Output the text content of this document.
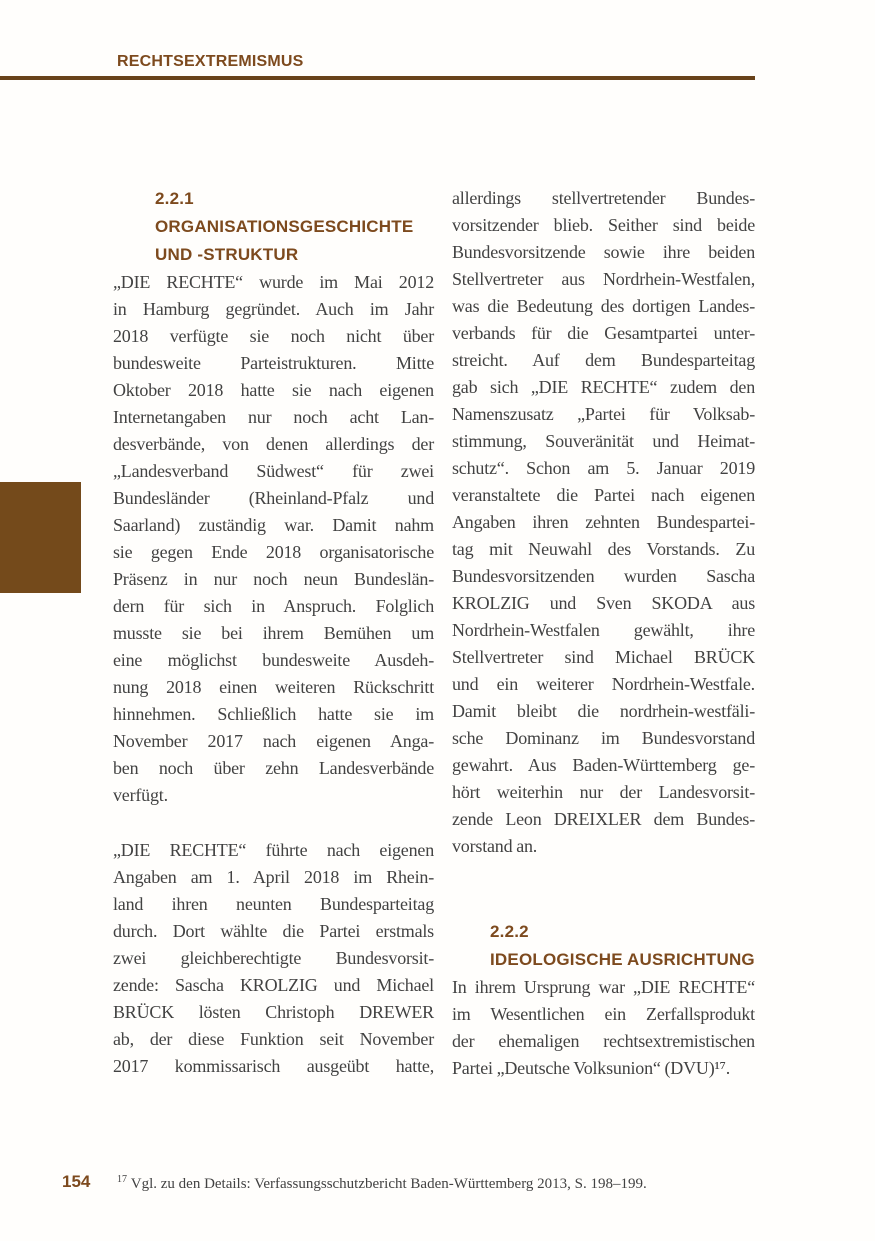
RECHTSEXTREMISMUS
2.2.1
ORGANISATIONSGESCHICHTE
UND -STRUKTUR
„DIE RECHTE“ wurde im Mai 2012
in Hamburg gegründet. Auch im Jahr
2018 verfügte sie noch nicht über
bundesweite Parteistrukturen. Mitte
Oktober 2018 hatte sie nach eigenen
Internetangaben nur noch acht Lan-
desverbände, von denen allerdings der
„Landesverband Südwest“ für zwei
Bundesländer (Rheinland-Pfalz und
Saarland) zuständig war. Damit nahm
sie gegen Ende 2018 organisatorische
Präsenz in nur noch neun Bundeslän-
dern für sich in Anspruch. Folglich
musste sie bei ihrem Bemühen um
eine möglichst bundesweite Ausdeh-
nung 2018 einen weiteren Rückschritt
hinnehmen. Schließlich hatte sie im
November 2017 nach eigenen Anga-
ben noch über zehn Landesverbände
verfügt.
„DIE RECHTE“ führte nach eigenen
Angaben am 1. April 2018 im Rhein-
land ihren neunten Bundesparteitag
durch. Dort wählte die Partei erstmals
zwei gleichberechtigte Bundesvorsit-
zende: Sascha KROLZIG und Michael
BRÜCK lösten Christoph DREWER
ab, der diese Funktion seit November
2017 kommissarisch ausgeübt hatte,
allerdings stellvertretender Bundes-
vorsitzender blieb. Seither sind beide
Bundesvorsitzende sowie ihre beiden
Stellvertreter aus Nordrhein-Westfalen,
was die Bedeutung des dortigen Landes-
verbands für die Gesamtpartei unter-
streicht. Auf dem Bundesparteitag
gab sich „DIE RECHTE“ zudem den
Namenszusatz „Partei für Volksab-
stimmung, Souveränität und Heimat-
schutz“. Schon am 5. Januar 2019
veranstaltete die Partei nach eigenen
Angaben ihren zehnten Bundespartei-
tag mit Neuwahl des Vorstands. Zu
Bundesvorsitzenden wurden Sascha
KROLZIG und Sven SKODA aus
Nordrhein-Westfalen gewählt, ihre
Stellvertreter sind Michael BRÜCK
und ein weiterer Nordrhein-Westfale.
Damit bleibt die nordrhein-westfäli-
sche Dominanz im Bundesvorstand
gewahrt. Aus Baden-Württemberg ge-
hört weiterhin nur der Landesvorsit-
zende Leon DREIXLER dem Bundes-
vorstand an.
2.2.2
IDEOLOGISCHE AUSRICHTUNG
In ihrem Ursprung war „DIE RECHTE“
im Wesentlichen ein Zerfallsprodukt
der ehemaligen rechtsextremistischen
Partei „Deutsche Volksunion“ (DVU)¹⁷.
154	$^{17}$ Vgl. zu den Details: Verfassungsschutzbericht Baden-Württemberg 2013, S. 198–199.
